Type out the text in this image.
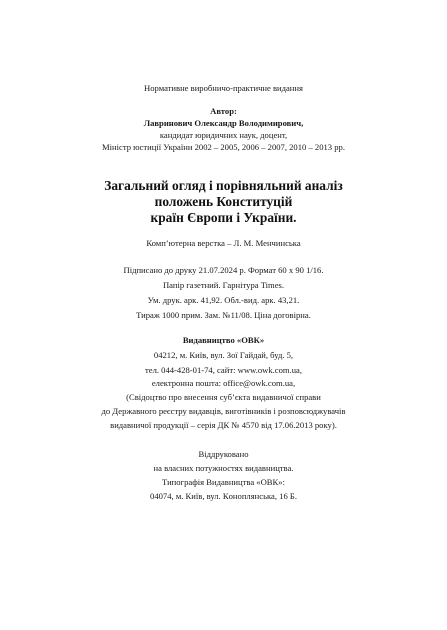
Нормативне виробничо-практичне видання
Автор:
Лавринович Олександр Володимирович,
кандидат юридичних наук, доцент,
Міністр юстиції України 2002 – 2005, 2006 – 2007, 2010 – 2013 рр.
Загальний огляд і порівняльний аналіз
положень Конституцій
країн Європи і України.
Комп’ютерна верстка – Л. М. Менчинська
Підписано до друку 21.07.2024 р. Формат 60 х 90 1/16.
Папір газетний. Гарнітура Times.
Ум. друк. арк. 41,92. Обл.-вид. арк. 43,21.
Тираж 1000 прим. Зам. №11/08. Ціна договірна.
Видавництво «ОВК»
04212, м. Київ, вул. Зої Гайдай, буд. 5,
тел. 044-428-01-74, сайт: www.owk.com.ua,
електронна пошта: office@owk.com.ua,
(Свідоцтво про внесення суб’єкта видавничої справи
до Державного реєстру видавців, виготівників і розповсюджувачів
видавничої продукції – серія ДК № 4570 від 17.06.2013 року).
Віддруковано
на власних потужностях видавництва.
Типографія Видавництва «ОВК»:
04074, м. Київ, вул. Кoноплянська, 16 Б.
